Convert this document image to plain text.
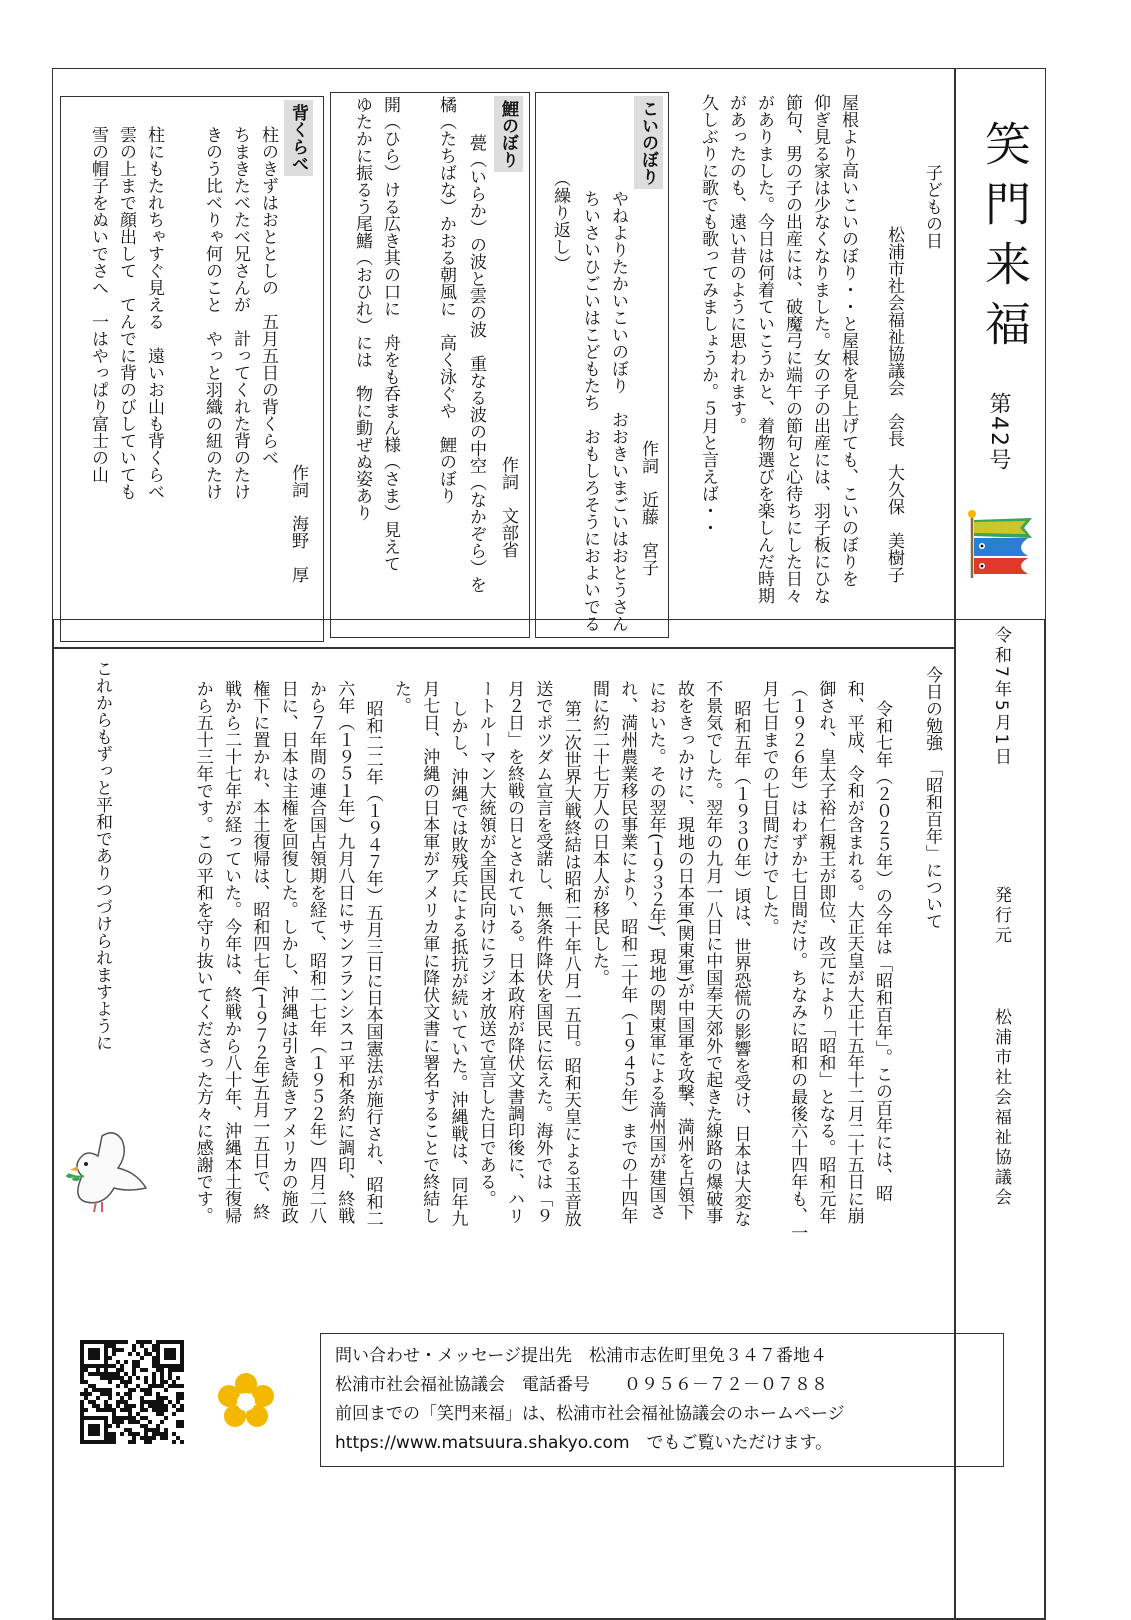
笑門来福
第42号
令和7年5月1日
発行元
松浦市社会福祉協議会
子どもの日
松浦市社会福祉協議会　会長　大久保　美樹子
屋根より高いこいのぼり・・と屋根を見上げても、こいのぼりを
仰ぎ見る家は少なくなりました。女の子の出産には、羽子板にひな
節句、男の子の出産には、破魔弓に端午の節句と心待ちにした日々
がありました。今日は何着ていこうかと、着物選びを楽しんだ時期
があったのも、遠い昔のように思われます。
久しぶりに歌でも歌ってみましょうか。５月と言えば・・
こいのぼり
作詞　近藤　宮子
やねよりたかいこいのぼり　おおきいまごいはおとうさん
ちいさいひごいはこどもたち　おもしろそうにおよいでる
（繰り返し）
鯉のぼり
作詞　文部省
甍（いらか）の波と雲の波　重なる波の中空（なかぞら）を
橘（たちばな）かおる朝風に　高く泳ぐや　鯉のぼり
開（ひら）ける広き其の口に　舟をも呑まん様（さま）見えて
ゆたかに振るう尾鰭（おひれ）には　物に動ぜぬ姿あり
背くらべ
作詞　海野　厚
柱のきずはおととしの　五月五日の背くらべ
ちまきたべたべ兄さんが　計ってくれた背のたけ
きのう比べりゃ何のこと　やっと羽織の紐のたけ
柱にもたれちゃすぐ見える　遠いお山も背くらべ
雲の上まで顔出して　てんでに背のびしていても
雪の帽子をぬいでさへ　一はやっぱり富士の山
今日の勉強　「昭和百年」について
令和七年（２０２５年）の今年は「昭和百年」。この百年には、昭
和、平成、令和が含まれる。大正天皇が大正十五年十二月二十五日に崩
御され、皇太子裕仁親王が即位、改元により「昭和」となる。昭和元年
（１９２６年）はわずか七日間だけ。ちなみに昭和の最後六十四年も、一
月七日までの七日間だけでした。
昭和五年（１９３０年）頃は、世界恐慌の影響を受け、日本は大変な
不景気でした。翌年の九月一八日に中国奉天郊外で起きた線路の爆破事
故をきっかけに、現地の日本軍(関東軍)が中国軍を攻撃、満州を占領下
においた。その翌年(１９３２年)、現地の関東軍による満州国が建国さ
れ、満州農業移民事業により、昭和二十年（１９４５年）までの十四年
間に約二十七万人の日本人が移民した。
第二次世界大戦終結は昭和二十年八月一五日。昭和天皇による玉音放
送でポツダム宣言を受諾し、無条件降伏を国民に伝えた。海外では「９
月２日」を終戦の日とされている。日本政府が降伏文書調印後に、ハリ
ートルーマン大統領が全国民向けにラジオ放送で宣言した日である。
しかし、沖縄では敗残兵による抵抗が続いていた。沖縄戦は、同年九
月七日、沖縄の日本軍がアメリカ軍に降伏文書に署名することで終結し
た。
昭和二二年（１９４７年）五月三日に日本国憲法が施行され、昭和二
六年（１９５１年）九月八日にサンフランシスコ平和条約に調印、終戦
から７年間の連合国占領期を経て、昭和二七年（１９５２年）四月二八
日に、日本は主権を回復した。しかし、沖縄は引き続きアメリカの施政
権下に置かれ、本土復帰は、昭和四七年(１９７２年)五月一五日で、終
戦から二十七年が経っていた。今年は、終戦から八十年、沖縄本土復帰
から五十三年です。この平和を守り抜いてくださった方々に感謝です。
これからもずっと平和でありつづけられますように
問い合わせ・メッセージ提出先　松浦市志佐町里免３４７番地４
松浦市社会福祉協議会　電話番号　　０９５６－７２－０７８８
前回までの「笑門来福」は、松浦市社会福祉協議会のホームページ
https://www.matsuura.shakyo.com　でもご覧いただけます。
